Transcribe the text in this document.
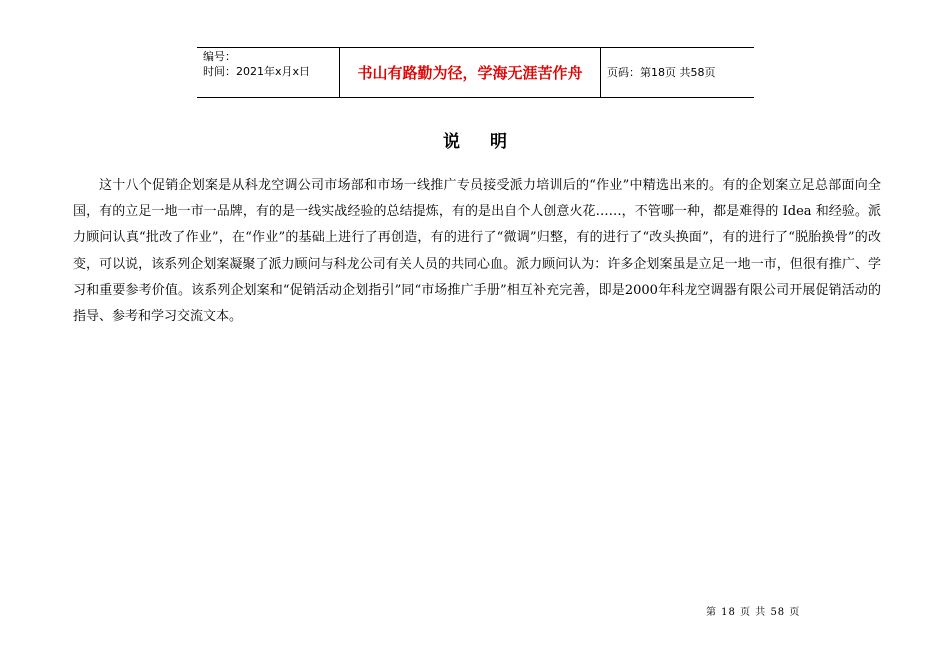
编号：
时间：2021年x月x日	书山有路勤为径，学海无涯苦作舟	页码：第18页 共58页
说明
这十八个促销企划案是从科龙空调公司市场部和市场一线推广专员接受派力培训后的“作业”中精选出来的。有的企划案立足总部面向全国，有的立足一地一市一品牌，有的是一线实战经验的总结提炼，有的是出自个人创意火花……，不管哪一种，都是难得的 Idea 和经验。派力顾问认真“批改了作业”，在“作业”的基础上进行了再创造，有的进行了“微调”归整，有的进行了“改头换面”，有的进行了“脱胎换骨”的改变，可以说，该系列企划案凝聚了派力顾问与科龙公司有关人员的共同心血。派力顾问认为：许多企划案虽是立足一地一市，但很有推广、学习和重要参考价值。该系列企划案和“促销活动企划指引”同“市场推广手册”相互补充完善，即是2000年科龙空调器有限公司开展促销活动的指导、参考和学习交流文本。
第 18 页 共 58 页
